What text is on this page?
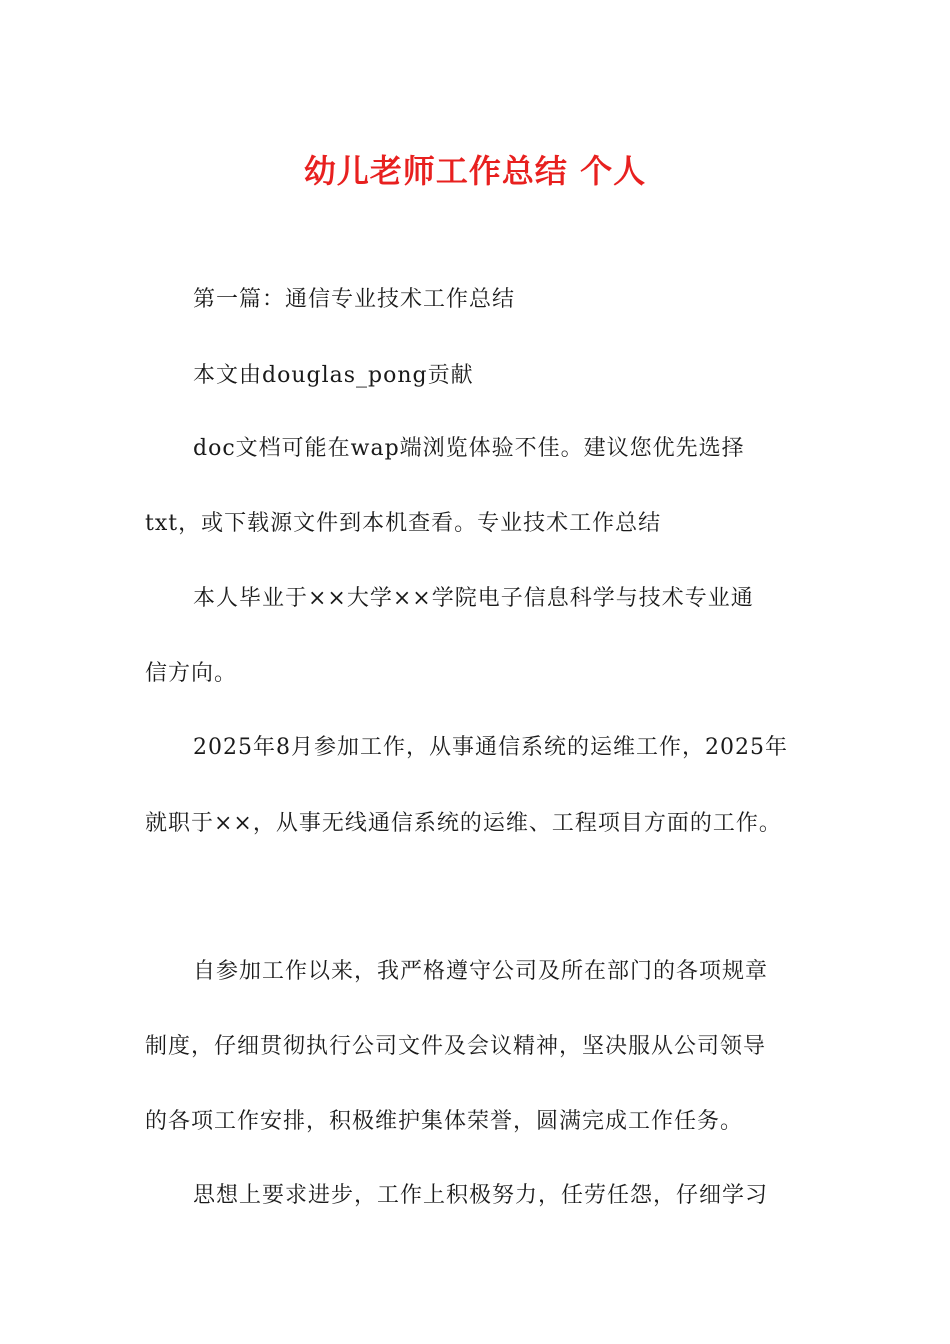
幼儿老师工作总结 个人
第一篇：通信专业技术工作总结
本文由douglas_pong贡献
doc文档可能在wap端浏览体验不佳。建议您优先选择
txt，或下载源文件到本机查看。专业技术工作总结
本人毕业于××大学××学院电子信息科学与技术专业通
信方向。
2025年8月参加工作，从事通信系统的运维工作，2025年
就职于××，从事无线通信系统的运维、工程项目方面的工作。
自参加工作以来，我严格遵守公司及所在部门的各项规章
制度，仔细贯彻执行公司文件及会议精神，坚决服从公司领导
的各项工作安排，积极维护集体荣誉，圆满完成工作任务。
思想上要求进步，工作上积极努力，任劳任怨，仔细学习
